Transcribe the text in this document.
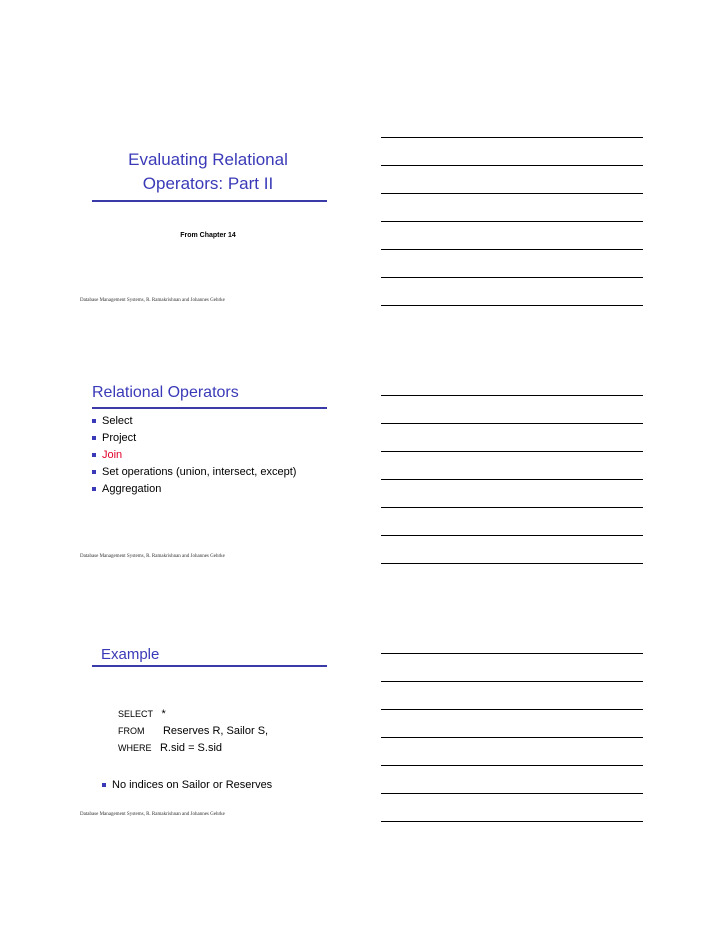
Evaluating Relational
Operators: Part II
From Chapter 14
Database Management Systems, R. Ramakrishnan and Johannes Gehrke
Relational Operators
Select
Project
Join
Set operations (union, intersect, except)
Aggregation
Database Management Systems, R. Ramakrishnan and Johannes Gehrke
Example
SELECT *
FROM Reserves R, Sailor S,
WHERE R.sid = S.sid
No indices on Sailor or Reserves
Database Management Systems, R. Ramakrishnan and Johannes Gehrke
